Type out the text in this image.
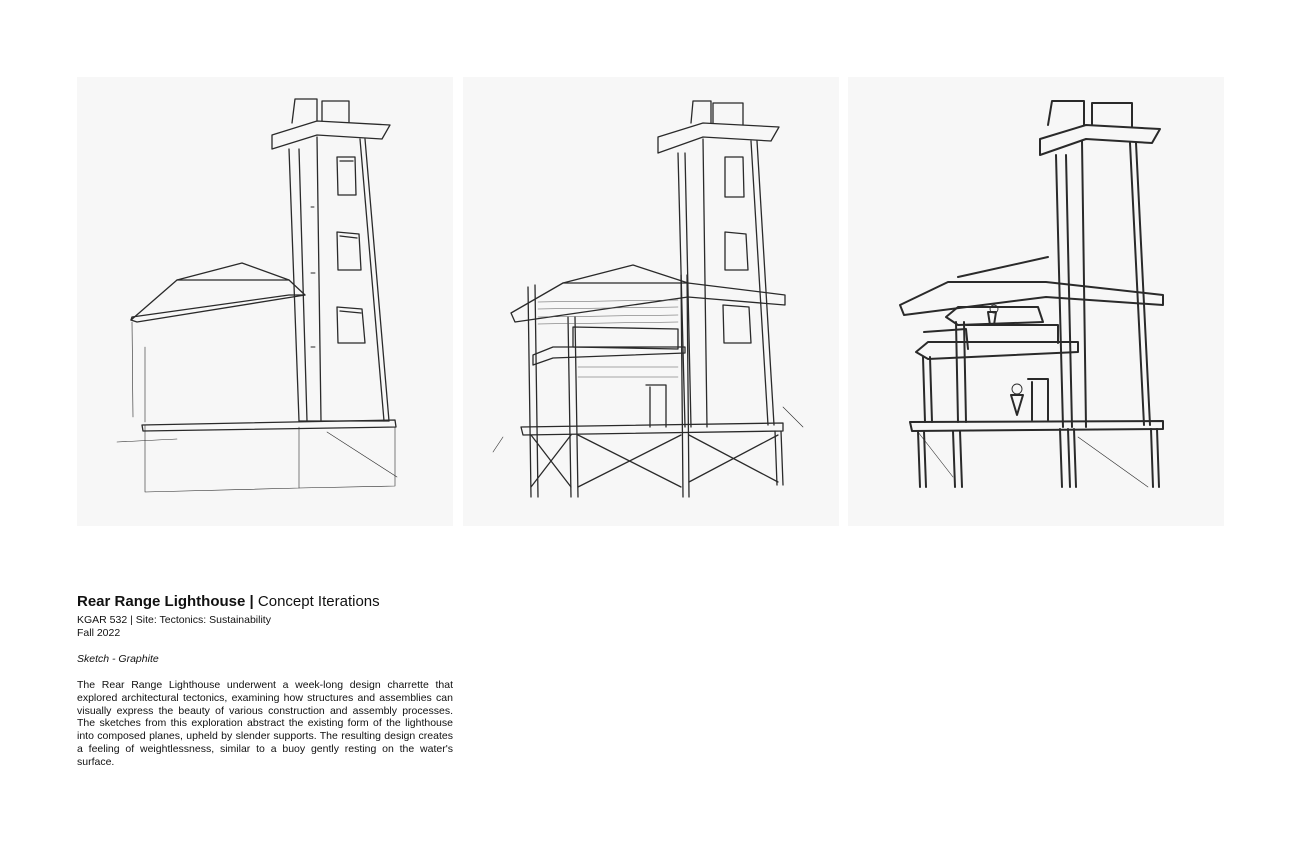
Rear Range Lighthouse | Concept Iterations

KGAR 532 | Site: Tectonics: Sustainability

Fall 2022

Sketch - Graphite

The Rear Range Lighthouse underwent a week-long design charrette that explored architectural tectonics, examining how structures and assemblies can visually express the beauty of various construction and assembly processes. The sketches from this exploration abstract the existing form of the lighthouse into composed planes, upheld by slender supports. The resulting design creates a feeling of weightlessness, similar to a buoy gently resting on the water's surface.
